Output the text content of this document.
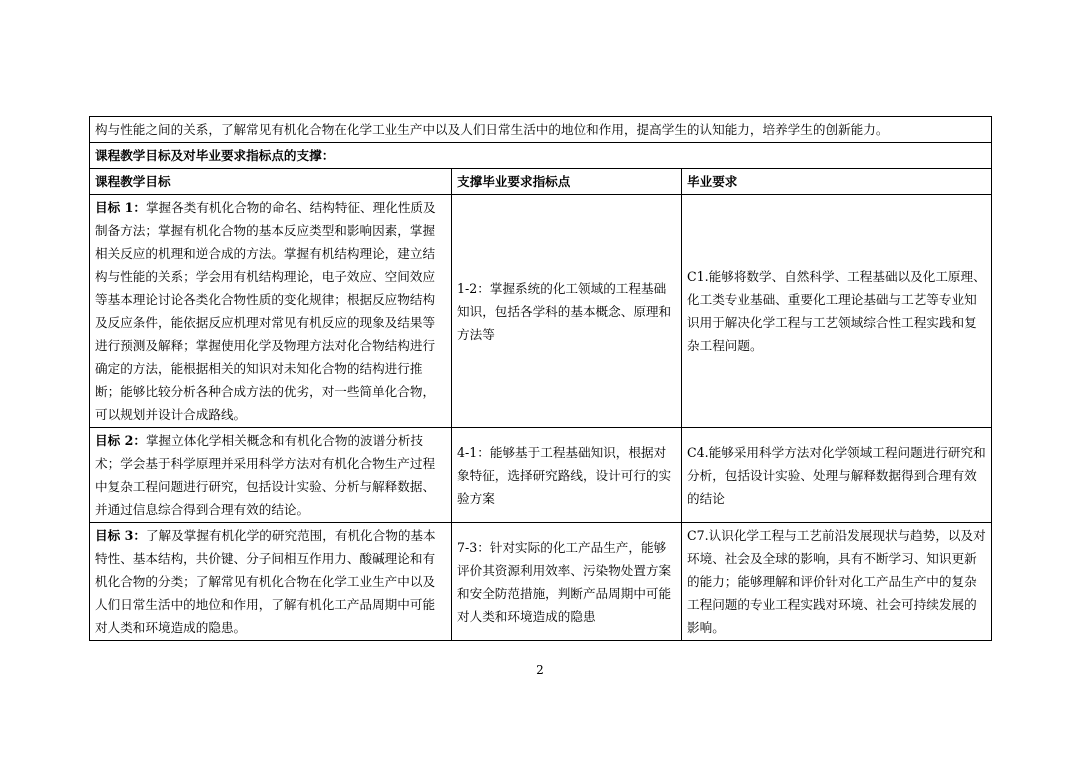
构与性能之间的关系，了解常见有机化合物在化学工业生产中以及人们日常生活中的地位和作用，提高学生的认知能力，培养学生的创新能力。		
课程教学目标及对毕业要求指标点的支撑：		
课程教学目标	支撑毕业要求指标点	毕业要求
目标 1：掌握各类有机化合物的命名、结构特征、理化性质及制备方法；掌握有机化合物的基本反应类型和影响因素，掌握相关反应的机理和逆合成的方法。掌握有机结构理论，建立结构与性能的关系；学会用有机结构理论，电子效应、空间效应等基本理论讨论各类化合物性质的变化规律；根据反应物结构及反应条件，能依据反应机理对常见有机反应的现象及结果等进行预测及解释；掌握使用化学及物理方法对化合物结构进行确定的方法，能根据相关的知识对未知化合物的结构进行推断；能够比较分析各种合成方法的优劣，对一些简单化合物，可以规划并设计合成路线。	1-2：掌握系统的化工领域的工程基础知识，包括各学科的基本概念、原理和方法等	C1.能够将数学、自然科学、工程基础以及化工原理、化工类专业基础、重要化工理论基础与工艺等专业知识用于解决化学工程与工艺领域综合性工程实践和复杂工程问题。
目标 2：掌握立体化学相关概念和有机化合物的波谱分析技术；学会基于科学原理并采用科学方法对有机化合物生产过程中复杂工程问题进行研究，包括设计实验、分析与解释数据、并通过信息综合得到合理有效的结论。	4-1：能够基于工程基础知识，根据对象特征，选择研究路线，设计可行的实验方案	C4.能够采用科学方法对化学领域工程问题进行研究和分析，包括设计实验、处理与解释数据得到合理有效的结论
目标 3：了解及掌握有机化学的研究范围，有机化合物的基本特性、基本结构，共价键、分子间相互作用力、酸碱理论和有机化合物的分类；了解常见有机化合物在化学工业生产中以及人们日常生活中的地位和作用，了解有机化工产品周期中可能对人类和环境造成的隐患。	7-3：针对实际的化工产品生产，能够评价其资源利用效率、污染物处置方案和安全防范措施，判断产品周期中可能对人类和环境造成的隐患	C7.认识化学工程与工艺前沿发展现状与趋势，以及对环境、社会及全球的影响，具有不断学习、知识更新的能力；能够理解和评价针对化工产品生产中的复杂工程问题的专业工程实践对环境、社会可持续发展的影响。
2
